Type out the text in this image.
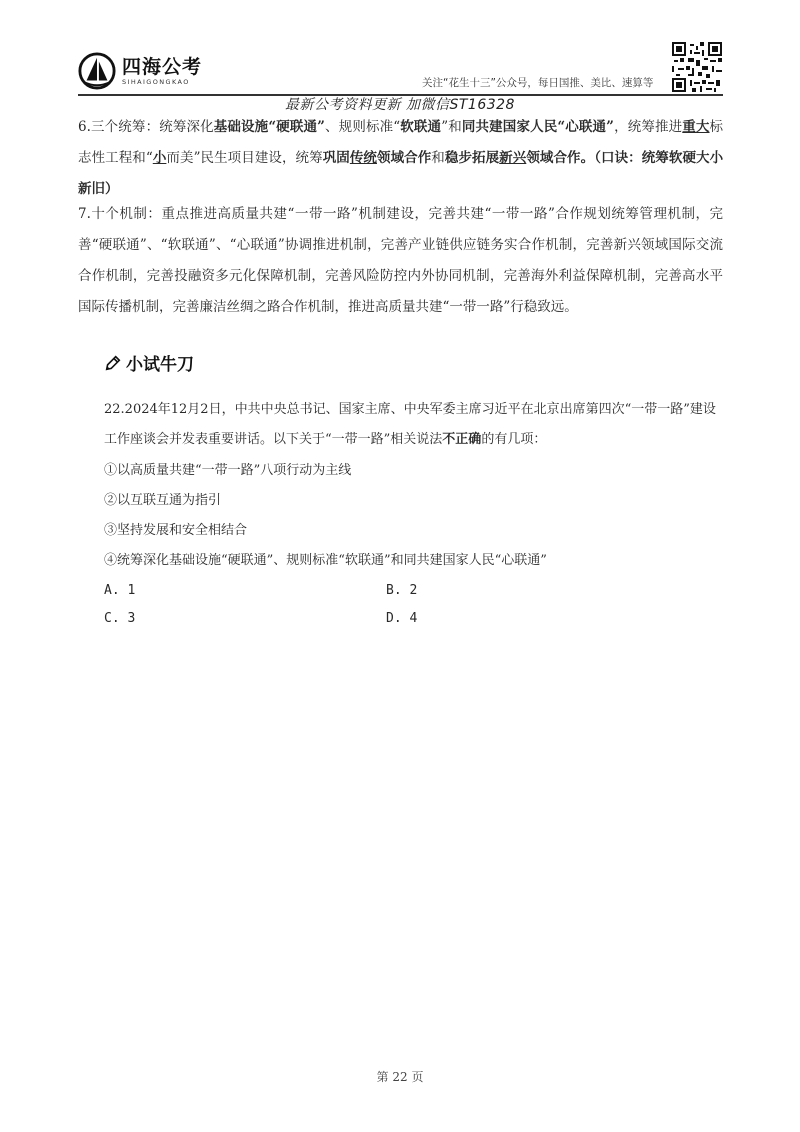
四海公考
SIHAIGONGKAO	关注“花生十三”公众号，每日国推、美比、速算等
最新公考资料更新 加微信ST16328
6.三个统筹：统筹深化基础设施“硬联通”、规则标准“软联通”和同共建国家人民“心联通”，统筹推进重大标志性工程和“小而美”民生项目建设，统筹巩固传统领域合作和稳步拓展新兴领域合作。（口诀：统筹软硬大小新旧）
7.十个机制：重点推进高质量共建“一带一路”机制建设，完善共建“一带一路”合作规划统筹管理机制，完善“硬联通”、“软联通”、“心联通”协调推进机制，完善产业链供应链务实合作机制，完善新兴领域国际交流合作机制，完善投融资多元化保障机制，完善风险防控内外协同机制，完善海外利益保障机制，完善高水平国际传播机制，完善廉洁丝绸之路合作机制，推进高质量共建“一带一路”行稳致远。
小试牛刀
22.2024年12月2日，中共中央总书记、国家主席、中央军委主席习近平在北京出席第四次“一带一路”建设工作座谈会并发表重要讲话。以下关于“一带一路”相关说法不正确的有几项：
①以高质量共建“一带一路”八项行动为主线
②以互联互通为指引
③坚持发展和安全相结合
④统筹深化基础设施“硬联通”、规则标准“软联通”和同共建国家人民“心联通”
A. 1	B. 2
C. 3	D. 4
第 22 页
